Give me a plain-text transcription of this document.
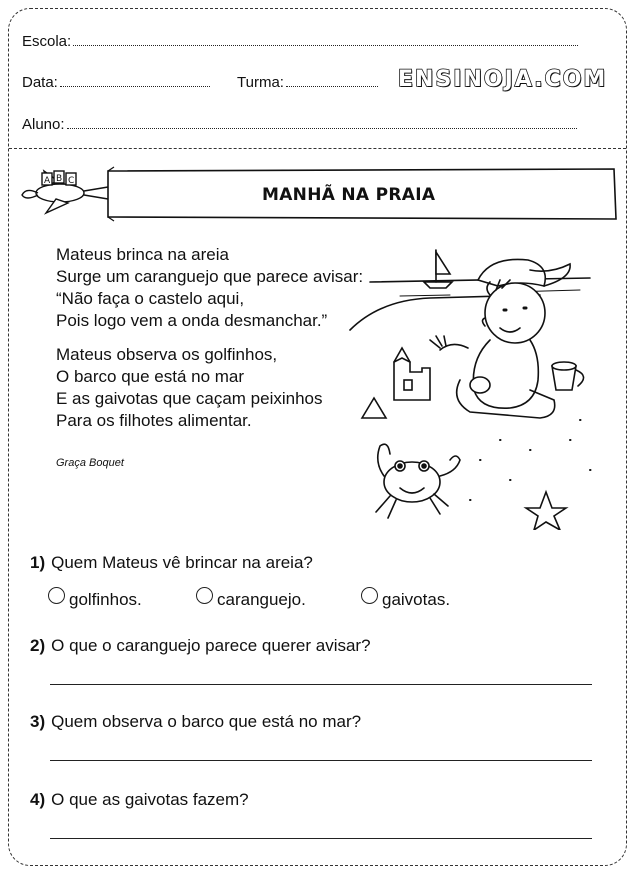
Escola:
Data:	Turma:	ENSINOJA.COM
Aluno:
A B C
MANHÃ NA PRAIA
Mateus brinca na areia
Surge um caranguejo que parece avisar:
“Não faça o castelo aqui,
Pois logo vem a onda desmanchar.”
Mateus observa os golfinhos,
O barco que está no mar
E as gaivotas que caçam peixinhos
Para os filhotes alimentar.
Graça Boquet
1) Quem Mateus vê brincar na areia?
golfinhos.	caranguejo.	gaivotas.
2) O que o caranguejo parece querer avisar?
3) Quem observa o barco que está no mar?
4) O que as gaivotas fazem?
